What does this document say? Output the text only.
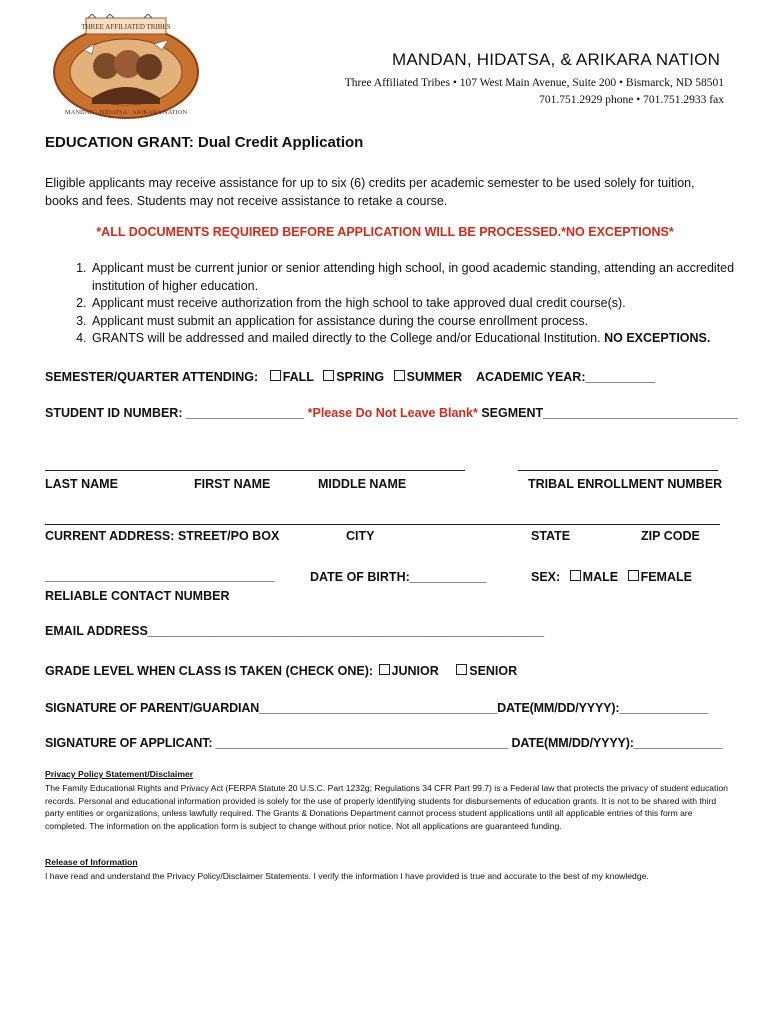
THREE AFFILIATED TRIBES
MANDAN · HIDATSA · ARIKARA NATION
MANDAN, HIDATSA, & ARIKARA NATION
Three Affiliated Tribes • 107 West Main Avenue, Suite 200 • Bismarck, ND 58501
701.751.2929 phone • 701.751.2933 fax
EDUCATION GRANT: Dual Credit Application
Eligible applicants may receive assistance for up to six (6) credits per academic semester to be used solely for tuition, books and fees. Students may not receive assistance to retake a course.
*ALL DOCUMENTS REQUIRED BEFORE APPLICATION WILL BE PROCESSED.*NO EXCEPTIONS*
1. Applicant must be current junior or senior attending high school, in good academic standing, attending an accredited institution of higher education.
2. Applicant must receive authorization from the high school to take approved dual credit course(s).
3. Applicant must submit an application for assistance during the course enrollment process.
4. GRANTS will be addressed and mailed directly to the College and/or Educational Institution. NO EXCEPTIONS.
SEMESTER/QUARTER ATTENDING: FALL SPRING SUMMER ACADEMIC YEAR:__________
STUDENT ID NUMBER: _________________ *Please Do Not Leave Blank* SEGMENT____________________________
LAST NAME	FIRST NAME	MIDDLE NAME	TRIBAL ENROLLMENT NUMBER
CURRENT ADDRESS: STREET/PO BOX	CITY	STATE	ZIP CODE
_________________________________
RELIABLE CONTACT NUMBER
DATE OF BIRTH:___________	SEX: MALE FEMALE
EMAIL ADDRESS_________________________________________________________
GRADE LEVEL WHEN CLASS IS TAKEN (CHECK ONE): JUNIOR SENIOR
SIGNATURE OF PARENT/GUARDIAN___________________________________DATE(MM/DD/YYYY):_____________
SIGNATURE OF APPLICANT: ___________________________________________ DATE(MM/DD/YYYY):_____________
Privacy Policy Statement/Disclaimer
The Family Educational Rights and Privacy Act (FERPA Statute 20 U.S.C. Part 1232g; Regulations 34 CFR Part 99.7) is a Federal law that protects the privacy of student education records. Personal and educational information provided is solely for the use of properly identifying students for disbursements of education grants. It is not to be shared with third party entities or organizations, unless lawfully required. The Grants & Donations Department cannot process student applications until all applicable entries of this form are completed. The information on the application form is subject to change without prior notice. Not all applications are guaranteed funding.
Release of Information
I have read and understand the Privacy Policy/Disclaimer Statements. I verify the information I have provided is true and accurate to the best of my knowledge.
